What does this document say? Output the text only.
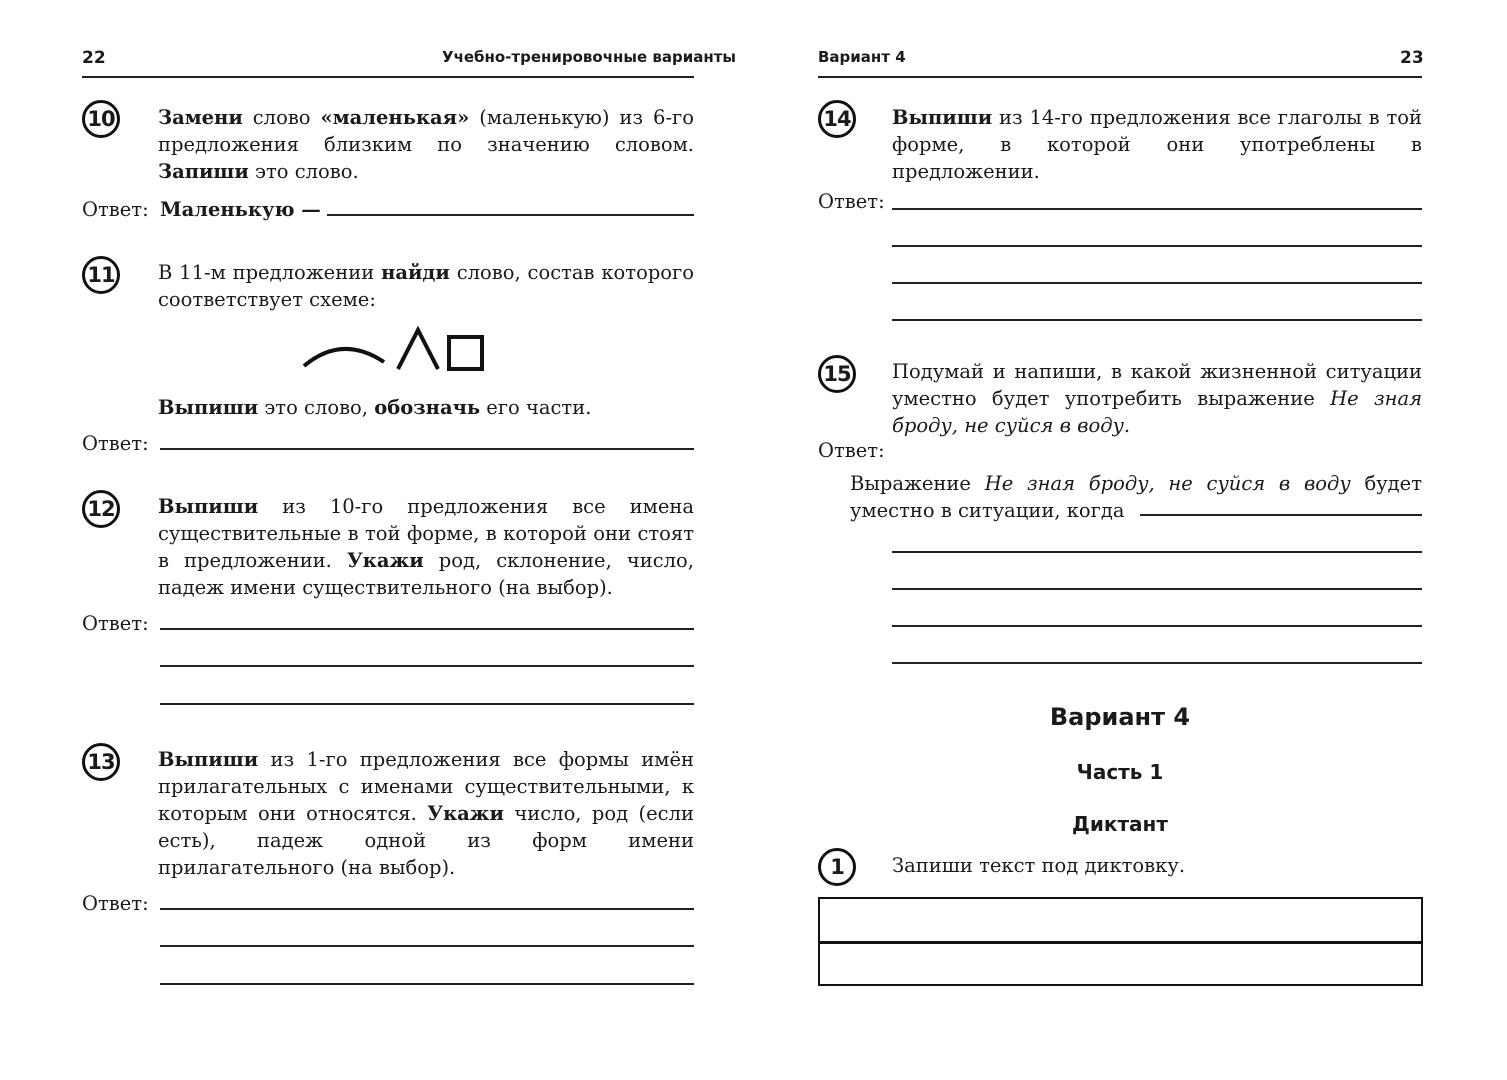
22	Учебно-тренировочные варианты
10 Замени слово «маленькая» (маленькую) из 6-го предложения близким по значению словом. Запиши это слово.
Ответ: Маленькую —
11 В 11-м предложении найди слово, состав которого соответствует схеме:
Выпиши это слово, обозначь его части.
Ответ:
12 Выпиши из 10-го предложения все имена существительные в той форме, в которой они стоят в предложении. Укажи род, склонение, число, падеж имени существительного (на выбор).
Ответ:
13 Выпиши из 1-го предложения все формы имён прилагательных с именами существительными, к которым они относятся. Укажи число, род (если есть), падеж одной из форм имени прилагательного (на выбор).
Ответ:
Вариант 4	23
14 Выпиши из 14-го предложения все глаголы в той форме, в которой они употреблены в предложении.
Ответ:
15 Подумай и напиши, в какой жизненной ситуации уместно будет употребить выражение Не зная броду, не суйся в воду.
Ответ:
Выражение Не зная броду, не суйся в воду будет уместно в ситуации, когда
Вариант 4
Часть 1
Диктант
1 Запиши текст под диктовку.
